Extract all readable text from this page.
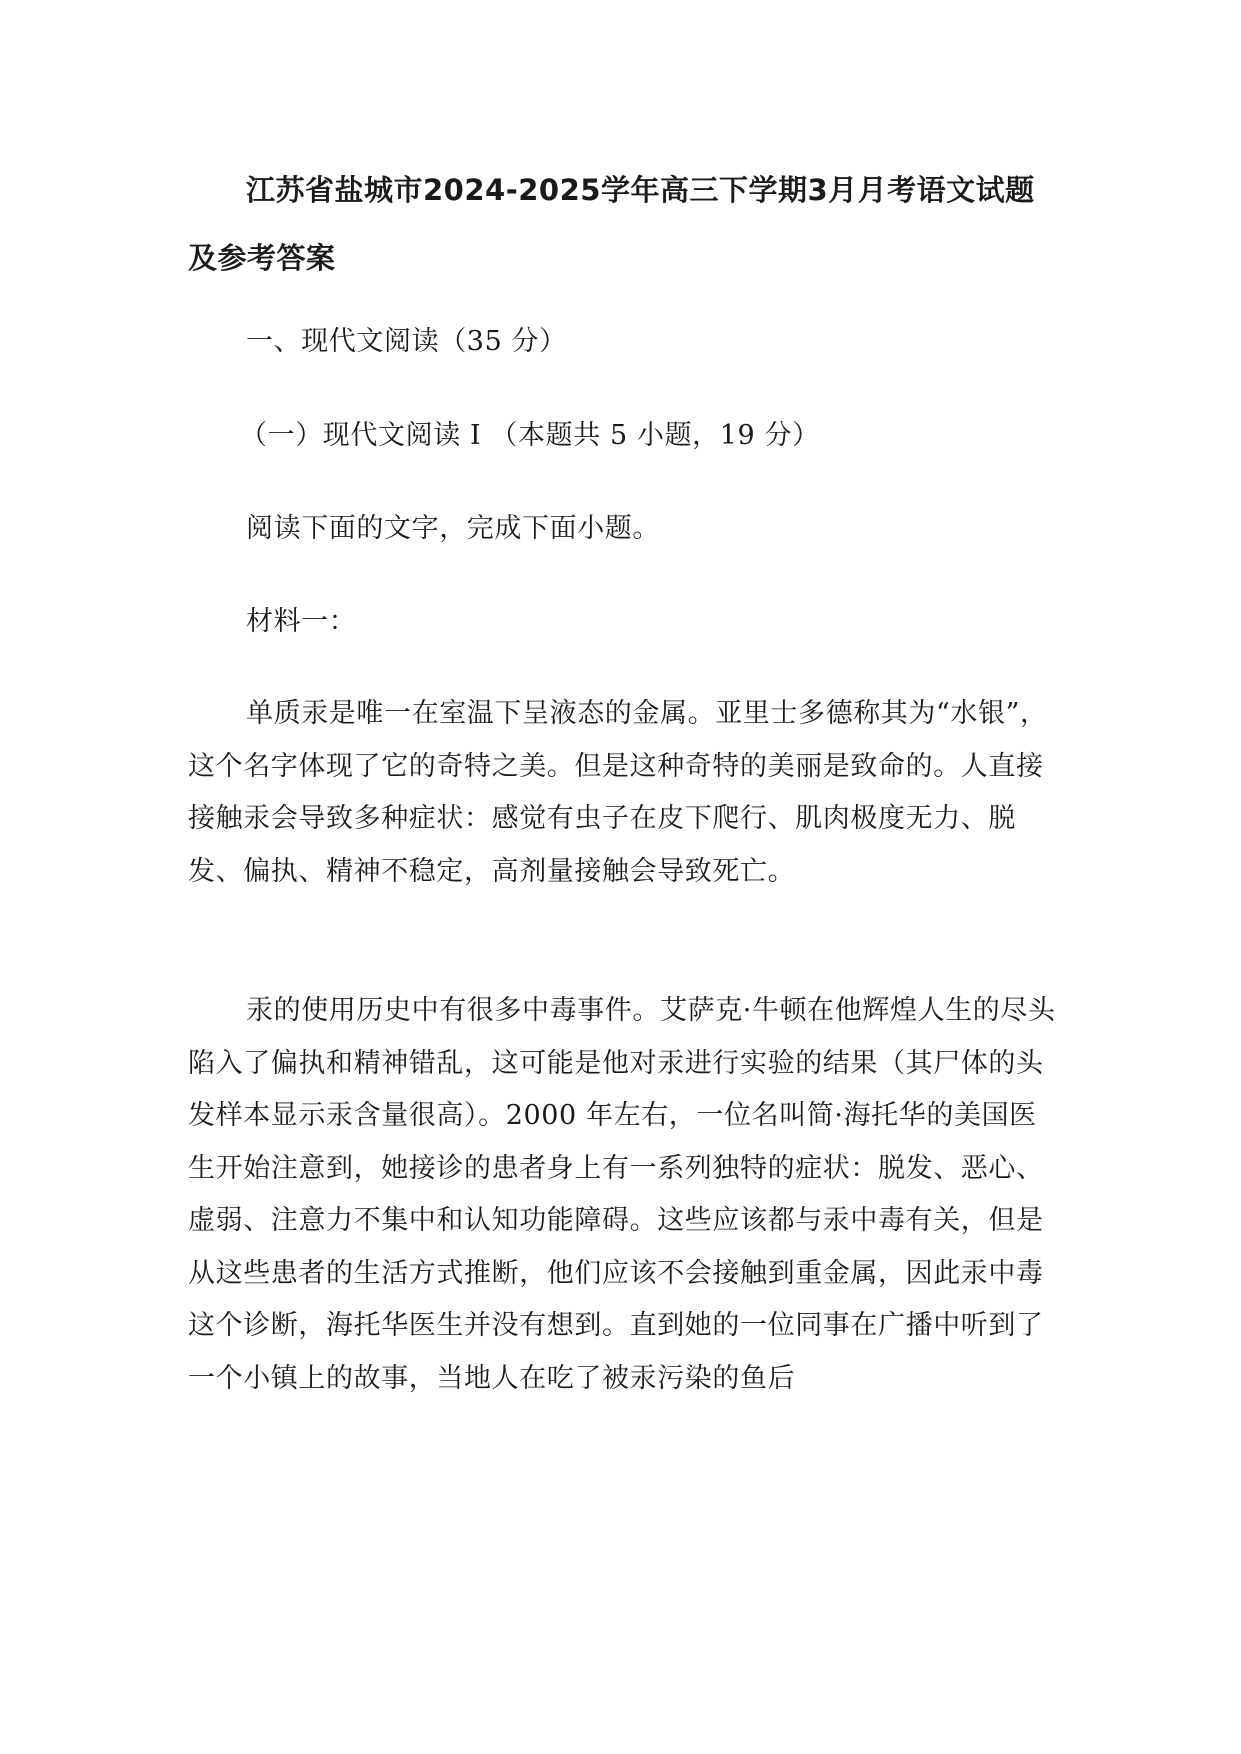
江苏省盐城市2024-2025学年高三下学期3月月考语文试题及参考答案

一、现代文阅读（35 分）

（一）现代文阅读 I （本题共 5 小题，19 分）

阅读下面的文字，完成下面小题。

材料一：

单质汞是唯一在室温下呈液态的金属。亚里士多德称其为“水银”，这个名字体现了它的奇特之美。但是这种奇特的美丽是致命的。人直接接触汞会导致多种症状：感觉有虫子在皮下爬行、肌肉极度无力、脱发、偏执、精神不稳定，高剂量接触会导致死亡。

汞的使用历史中有很多中毒事件。艾萨克·牛顿在他辉煌人生的尽头陷入了偏执和精神错乱，这可能是他对汞进行实验的结果（其尸体的头发样本显示汞含量很高）。2000 年左右，一位名叫简·海托华的美国医生开始注意到，她接诊的患者身上有一系列独特的症状：脱发、恶心、虚弱、注意力不集中和认知功能障碍。这些应该都与汞中毒有关，但是从这些患者的生活方式推断，他们应该不会接触到重金属，因此汞中毒这个诊断，海托华医生并没有想到。直到她的一位同事在广播中听到了一个小镇上的故事，当地人在吃了被汞污染的鱼后
